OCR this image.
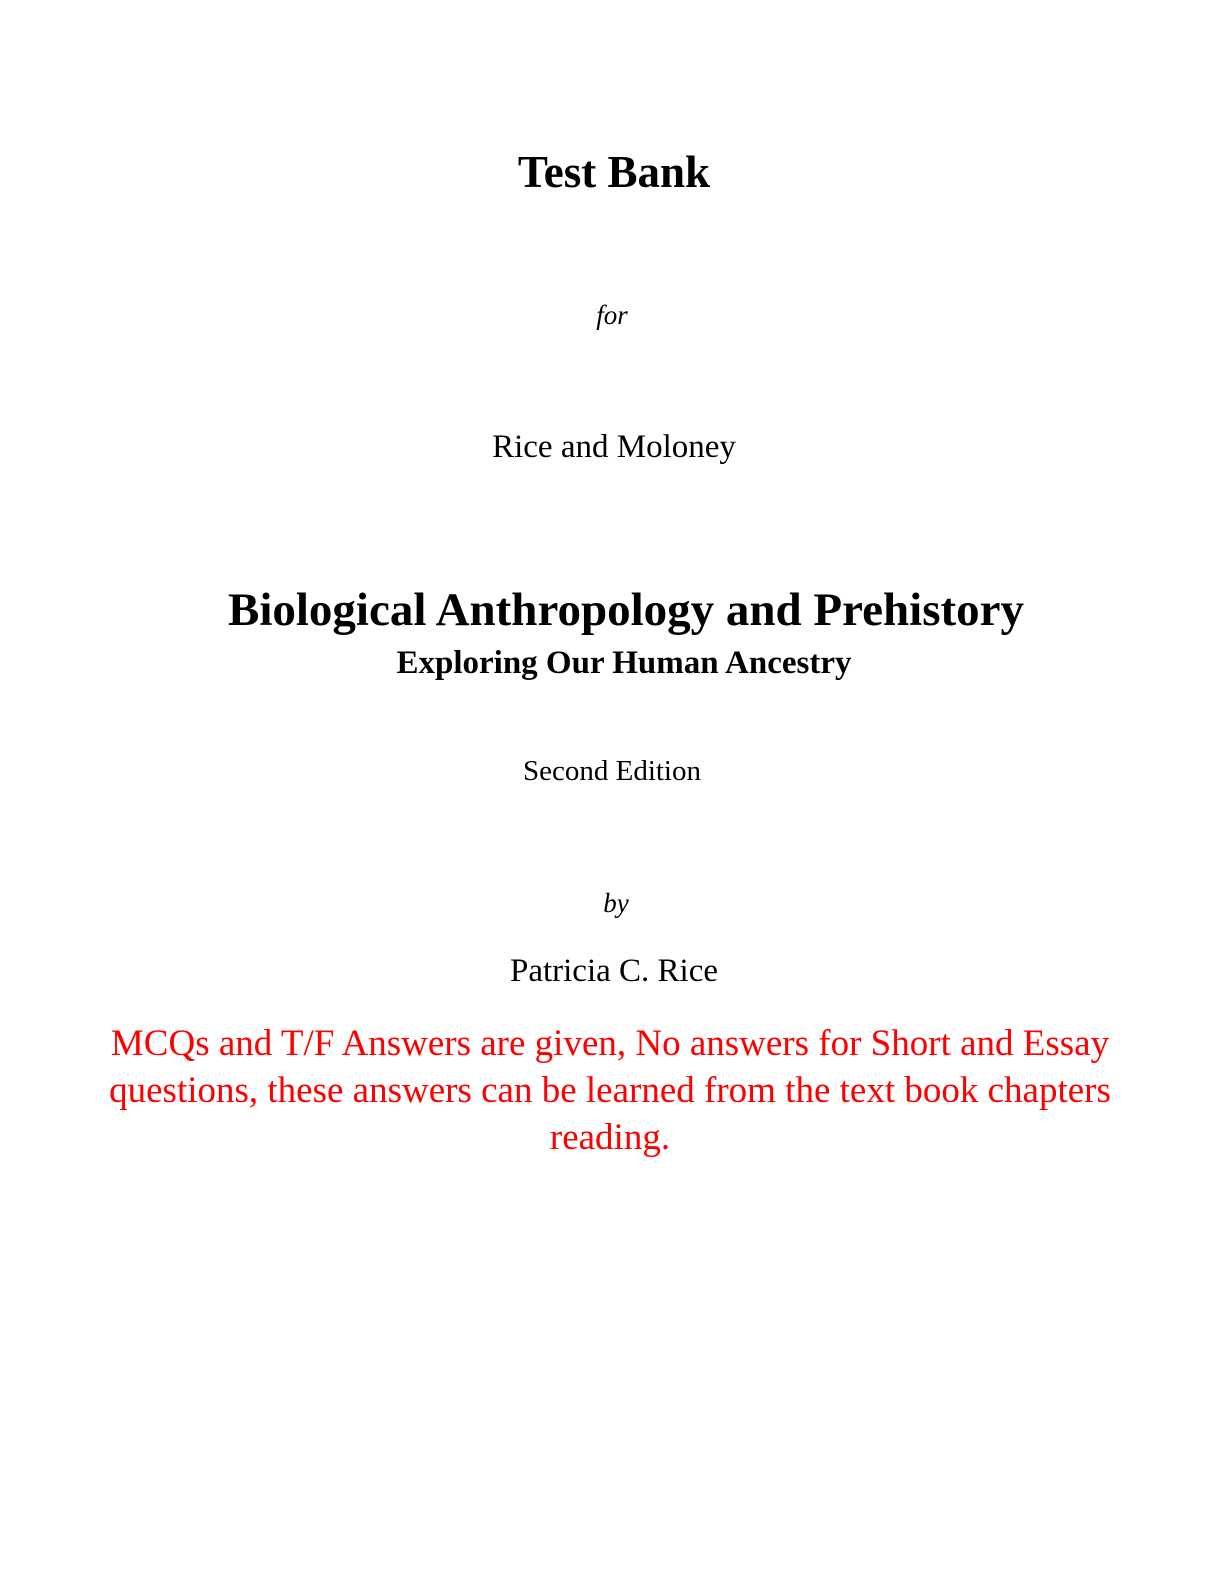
Test Bank

for

Rice and Moloney

Biological Anthropology and Prehistory
Exploring Our Human Ancestry

Second Edition

by

Patricia C. Rice

MCQs and T/F Answers are given, No answers for Short and Essay questions, these answers can be learned from the text book chapters reading.
